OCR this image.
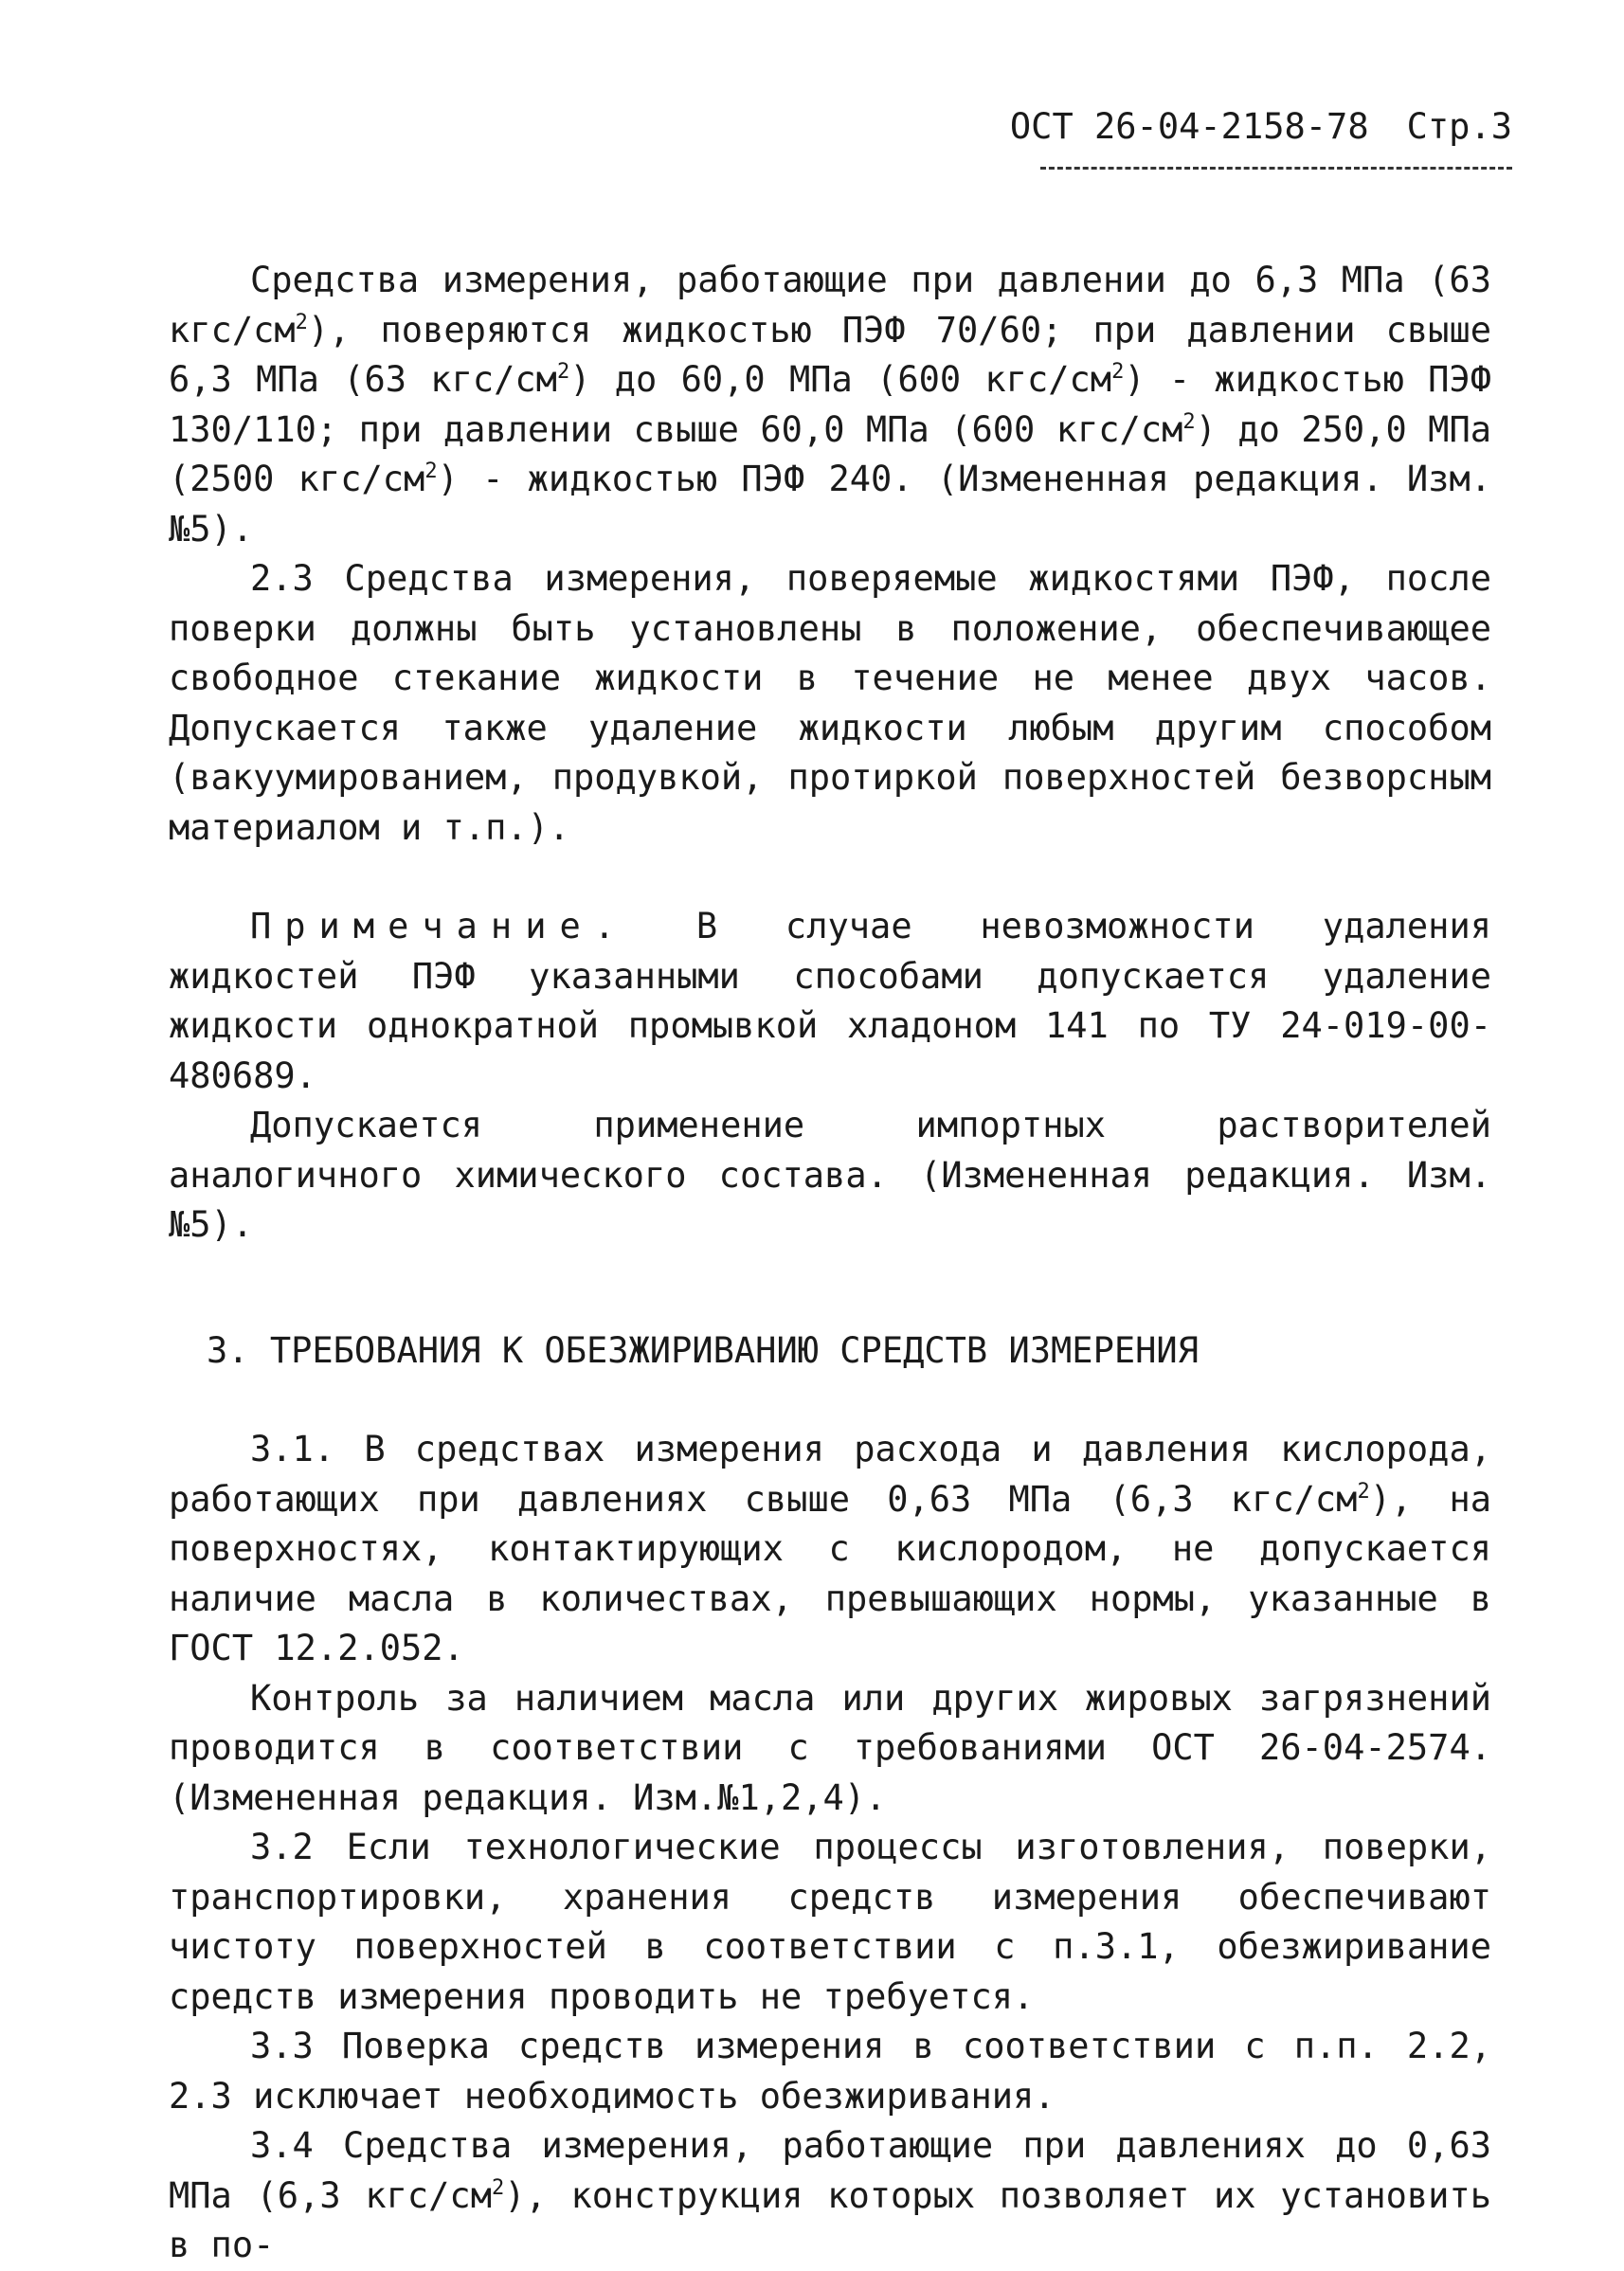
ОСТ 26-04-2158-78 Стр.3

Средства измерения, работающие при давлении до 6,3 МПа (63 кгс/$см^2$), поверяются жидкостью ПЭФ 70/60; при давлении свыше 6,3 МПа (63 кгс/$см^2$) до 60,0 МПа (600 кгс/$см^2$) - жидкостью ПЭФ 130/110; при давлении свыше 60,0 МПа (600 кгс/$см^2$) до 250,0 МПа (2500 кгс/$см^2$) - жидкостью ПЭФ 240. (Измененная редакция. Изм.№5).

2.3 Средства измерения, поверяемые жидкостями ПЭФ, после поверки должны быть установлены в положение, обеспечивающее свободное стекание жидкости в течение не менее двух часов. Допускается также удаление жидкости любым другим способом (вакуумированием, продувкой, протиркой поверхностей безворсным материалом и т.п.).

Примечание. В случае невозможности удаления жидкостей ПЭФ указанными способами допускается удаление жидкости однократной промывкой хладоном 141 по ТУ 24-019-00-480689.

Допускается применение импортных растворителей аналогичного химического состава. (Измененная редакция. Изм.№5).

3. ТРЕБОВАНИЯ К ОБЕЗЖИРИВАНИЮ СРЕДСТВ ИЗМЕРЕНИЯ

3.1. В средствах измерения расхода и давления кислорода, работающих при давлениях свыше 0,63 МПа (6,3 кгс/$см^2$), на поверхностях, контактирующих с кислородом, не допускается наличие масла в количествах, превышающих нормы, указанные в ГОСТ 12.2.052.

Контроль за наличием масла или других жировых загрязнений проводится в соответствии с требованиями ОСТ 26-04-2574. (Измененная редакция. Изм.№1,2,4).

3.2 Если технологические процессы изготовления, поверки, транспортировки, хранения средств измерения обеспечивают чистоту поверхностей в соответствии с п.3.1, обезжиривание средств измерения проводить не требуется.

3.3 Поверка средств измерения в соответствии с п.п. 2.2, 2.3 исключает необходимость обезжиривания.

3.4 Средства измерения, работающие при давлениях до 0,63 МПа (6,3 кгс/$см^2$), конструкция которых позволяет их установить в по-
